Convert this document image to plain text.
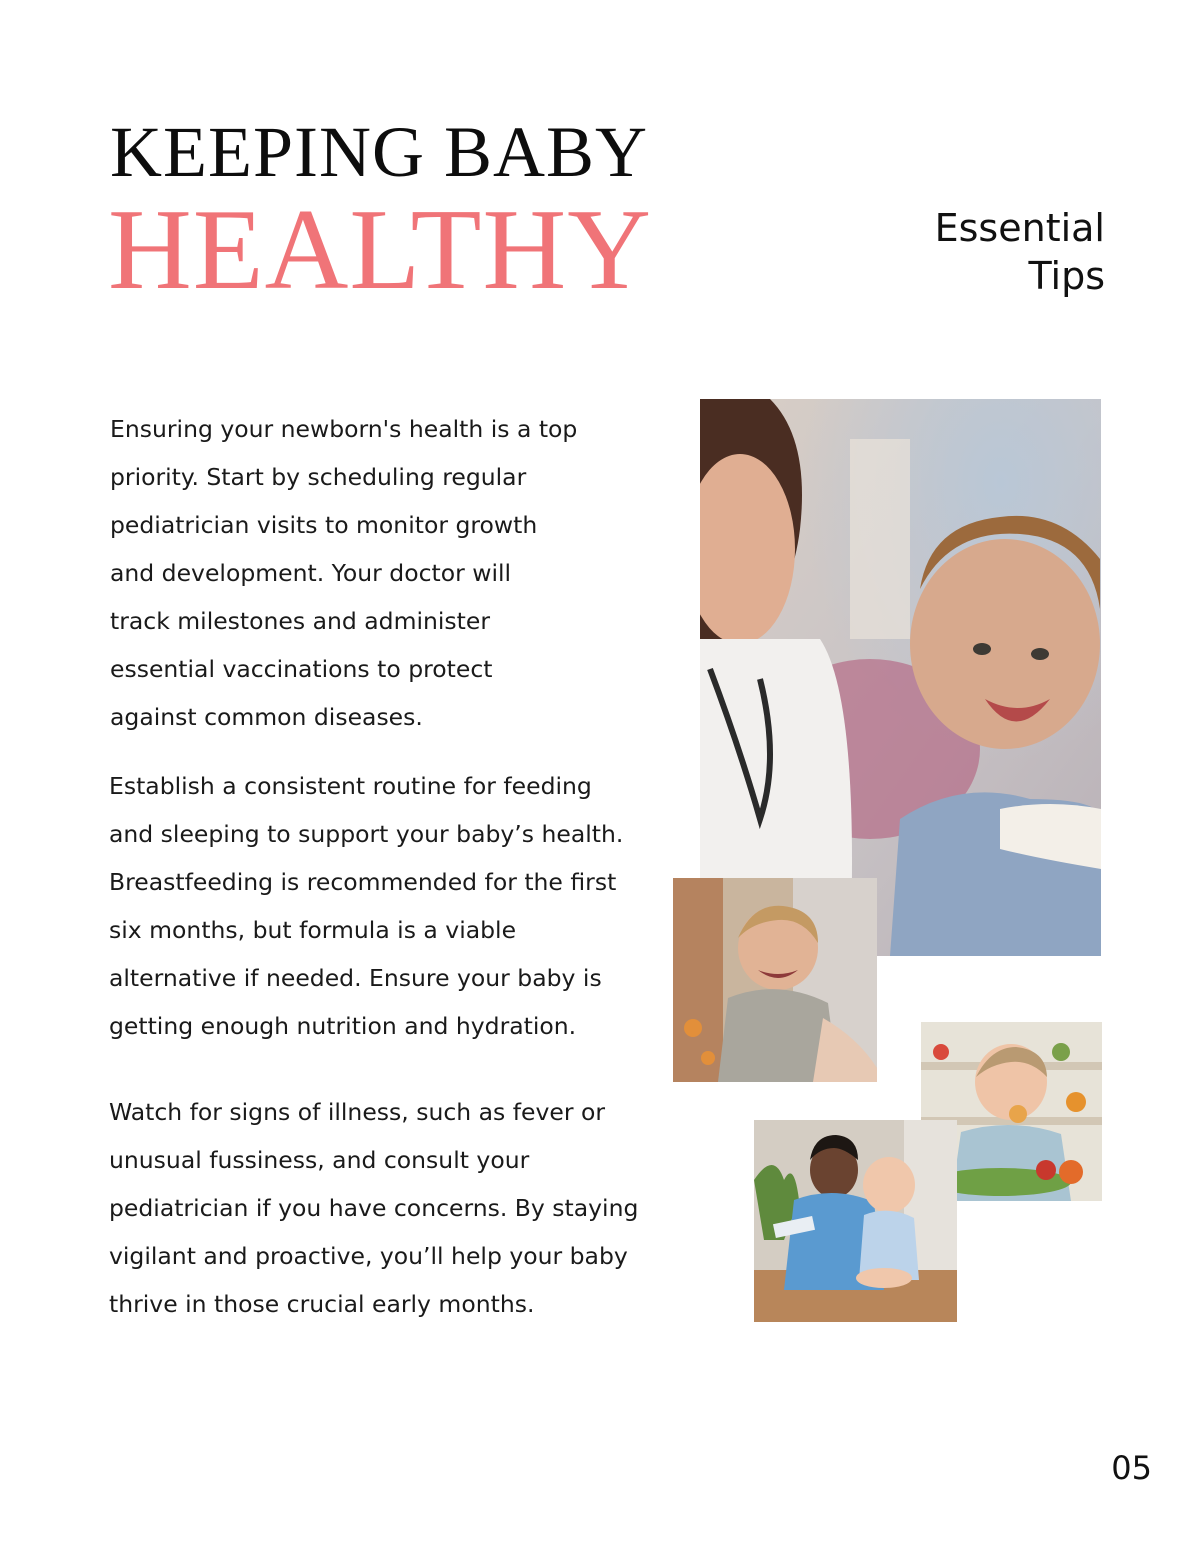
KEEPING BABY
HEALTHY	Essential
Tips
Ensuring your newborn's health is a top
priority. Start by scheduling regular
pediatrician visits to monitor growth
and development. Your doctor will
track milestones and administer
essential vaccinations to protect
against common diseases.
Establish a consistent routine for feeding
and sleeping to support your baby’s health.
Breastfeeding is recommended for the first
six months, but formula is a viable
alternative if needed. Ensure your baby is
getting enough nutrition and hydration.
Watch for signs of illness, such as fever or
unusual fussiness, and consult your
pediatrician if you have concerns. By staying
vigilant and proactive, you’ll help your baby
thrive in those crucial early months.
05
